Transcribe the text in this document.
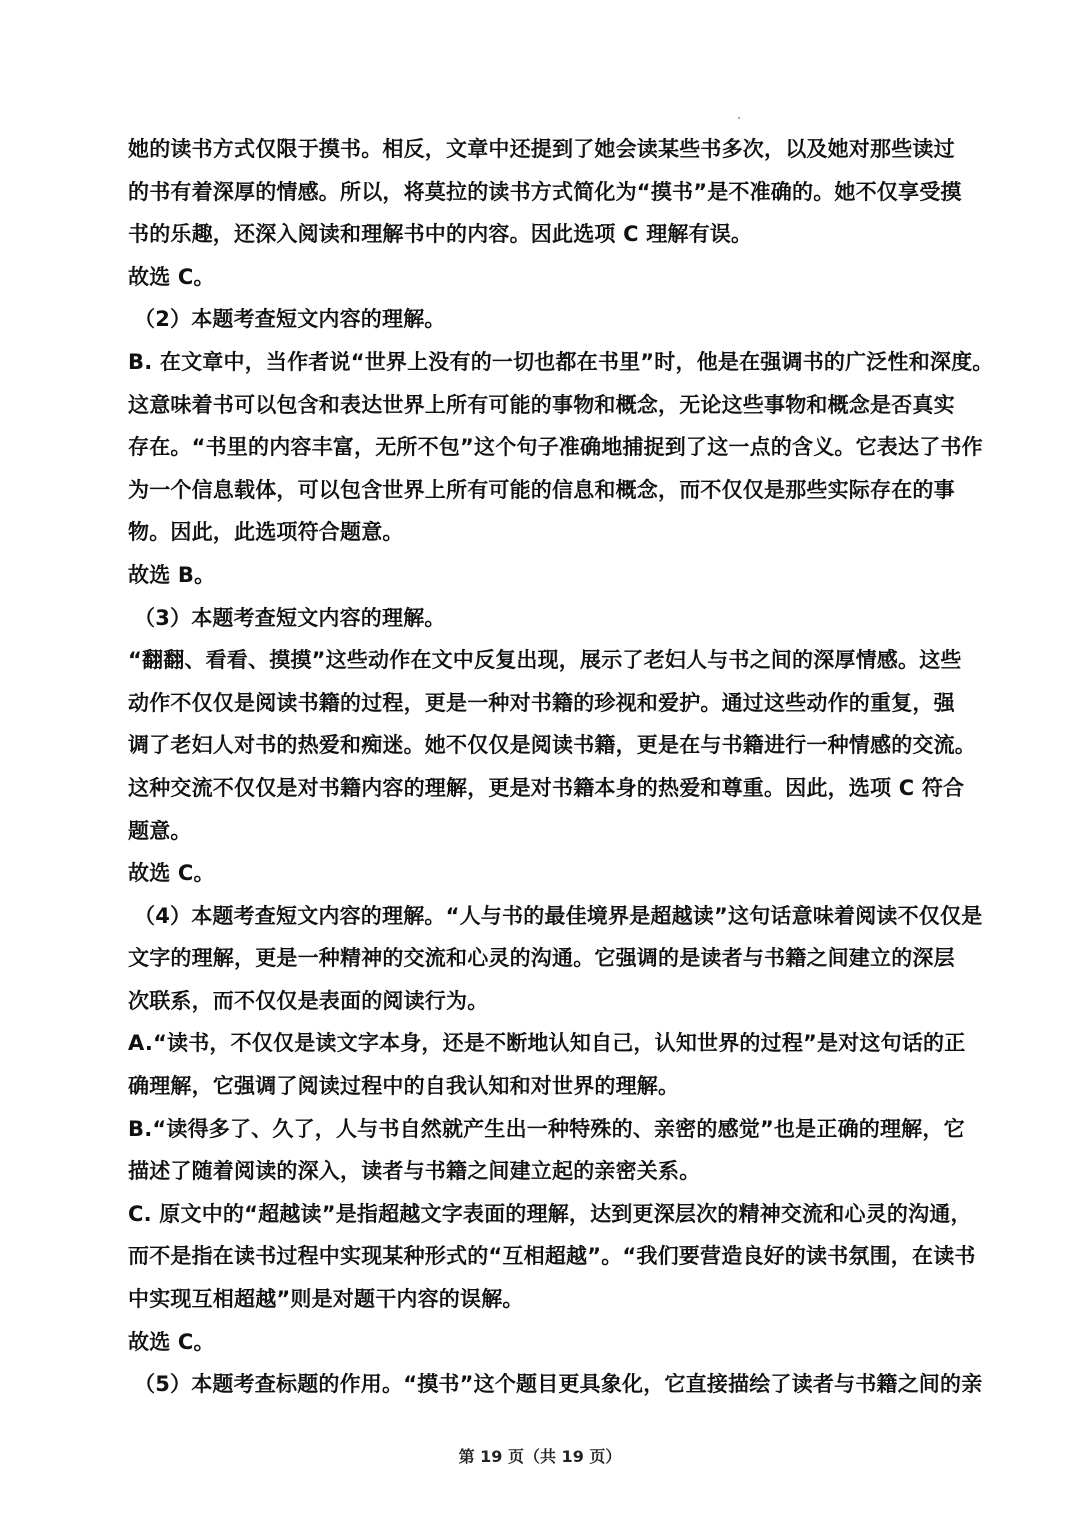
她的读书方式仅限于摸书。相反，文章中还提到了她会读某些书多次，以及她对那些读过
的书有着深厚的情感。所以，将莫拉的读书方式简化为“摸书”是不准确的。她不仅享受摸
书的乐趣，还深入阅读和理解书中的内容。因此选项 C 理解有误。
故选 C。
（2）本题考查短文内容的理解。
B. 在文章中，当作者说“世界上没有的一切也都在书里”时，他是在强调书的广泛性和深度。
这意味着书可以包含和表达世界上所有可能的事物和概念，无论这些事物和概念是否真实
存在。“书里的内容丰富，无所不包”这个句子准确地捕捉到了这一点的含义。它表达了书作
为一个信息载体，可以包含世界上所有可能的信息和概念，而不仅仅是那些实际存在的事
物。因此，此选项符合题意。
故选 B。
（3）本题考查短文内容的理解。
“翻翻、看看、摸摸”这些动作在文中反复出现，展示了老妇人与书之间的深厚情感。这些
动作不仅仅是阅读书籍的过程，更是一种对书籍的珍视和爱护。通过这些动作的重复，强
调了老妇人对书的热爱和痴迷。她不仅仅是阅读书籍，更是在与书籍进行一种情感的交流。
这种交流不仅仅是对书籍内容的理解，更是对书籍本身的热爱和尊重。因此，选项 C 符合
题意。
故选 C。
（4）本题考查短文内容的理解。“人与书的最佳境界是超越读”这句话意味着阅读不仅仅是
文字的理解，更是一种精神的交流和心灵的沟通。它强调的是读者与书籍之间建立的深层
次联系，而不仅仅是表面的阅读行为。
A.“读书，不仅仅是读文字本身，还是不断地认知自己，认知世界的过程”是对这句话的正
确理解，它强调了阅读过程中的自我认知和对世界的理解。
B.“读得多了、久了，人与书自然就产生出一种特殊的、亲密的感觉”也是正确的理解，它
描述了随着阅读的深入，读者与书籍之间建立起的亲密关系。
C. 原文中的“超越读”是指超越文字表面的理解，达到更深层次的精神交流和心灵的沟通，
而不是指在读书过程中实现某种形式的“互相超越”。“我们要营造良好的读书氛围，在读书
中实现互相超越”则是对题干内容的误解。
故选 C。
（5）本题考查标题的作用。“摸书”这个题目更具象化，它直接描绘了读者与书籍之间的亲
第 19 页（共 19 页）
